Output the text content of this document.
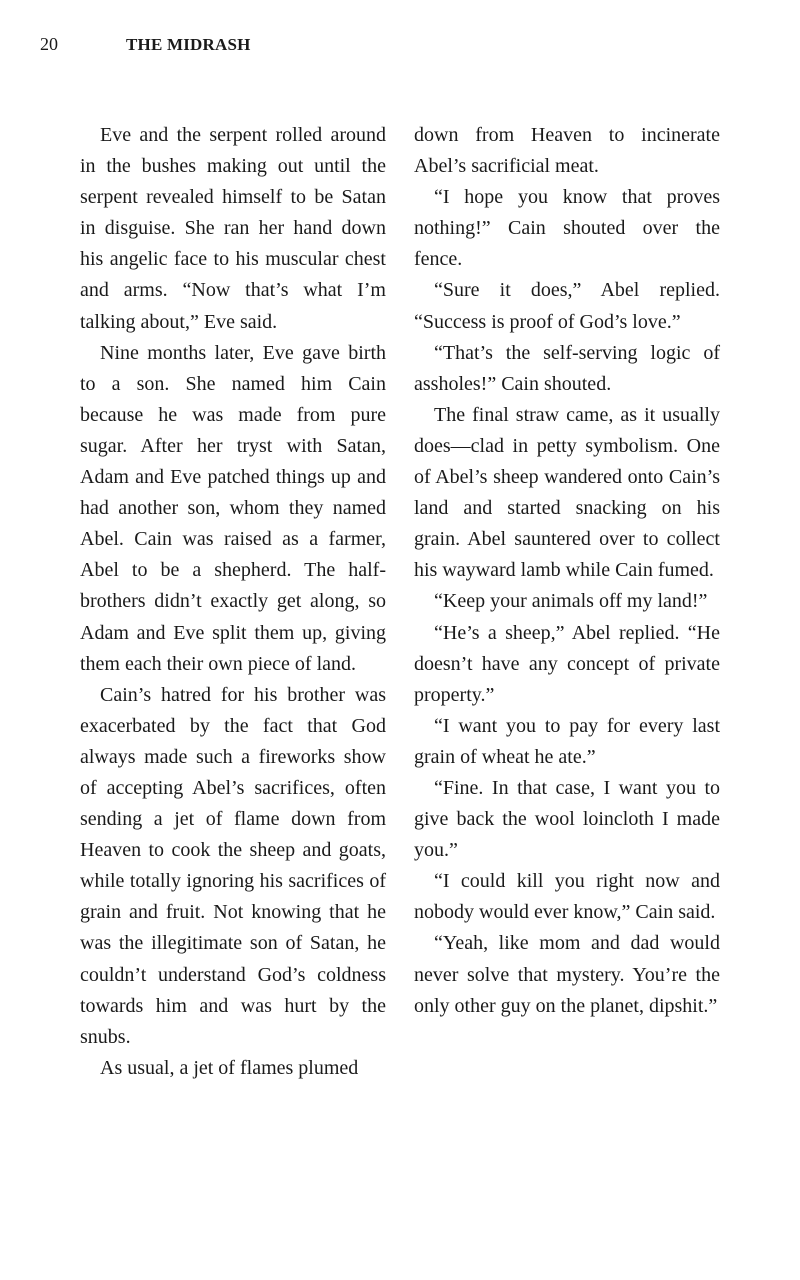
20	THE MIDRASH

Eve and the serpent rolled around in the bushes making out until the serpent revealed himself to be Satan in disguise. She ran her hand down his angelic face to his muscular chest and arms. “Now that’s what I’m talking about,” Eve said.

Nine months later, Eve gave birth to a son. She named him Cain because he was made from pure sugar. After her tryst with Satan, Adam and Eve patched things up and had another son, whom they named Abel. Cain was raised as a farmer, Abel to be a shepherd. The half-brothers didn’t exactly get along, so Adam and Eve split them up, giving them each their own piece of land.

Cain’s hatred for his brother was exacerbated by the fact that God always made such a fireworks show of accepting Abel’s sacrifices, often sending a jet of flame down from Heaven to cook the sheep and goats, while totally ignoring his sacrifices of grain and fruit. Not knowing that he was the illegitimate son of Satan, he couldn’t understand God’s coldness towards him and was hurt by the snubs.

As usual, a jet of flames plumed

down from Heaven to incinerate Abel’s sacrificial meat.

“I hope you know that proves nothing!” Cain shouted over the fence.

“Sure it does,” Abel replied. “Success is proof of God’s love.”

“That’s the self-serving logic of assholes!” Cain shouted.

The final straw came, as it usually does—clad in petty symbolism. One of Abel’s sheep wandered onto Cain’s land and started snacking on his grain. Abel sauntered over to collect his wayward lamb while Cain fumed.

“Keep your animals off my land!”

“He’s a sheep,” Abel replied. “He doesn’t have any concept of private property.”

“I want you to pay for every last grain of wheat he ate.”

“Fine. In that case, I want you to give back the wool loincloth I made you.”

“I could kill you right now and nobody would ever know,” Cain said.

“Yeah, like mom and dad would never solve that mystery. You’re the only other guy on the planet, dipshit.”
